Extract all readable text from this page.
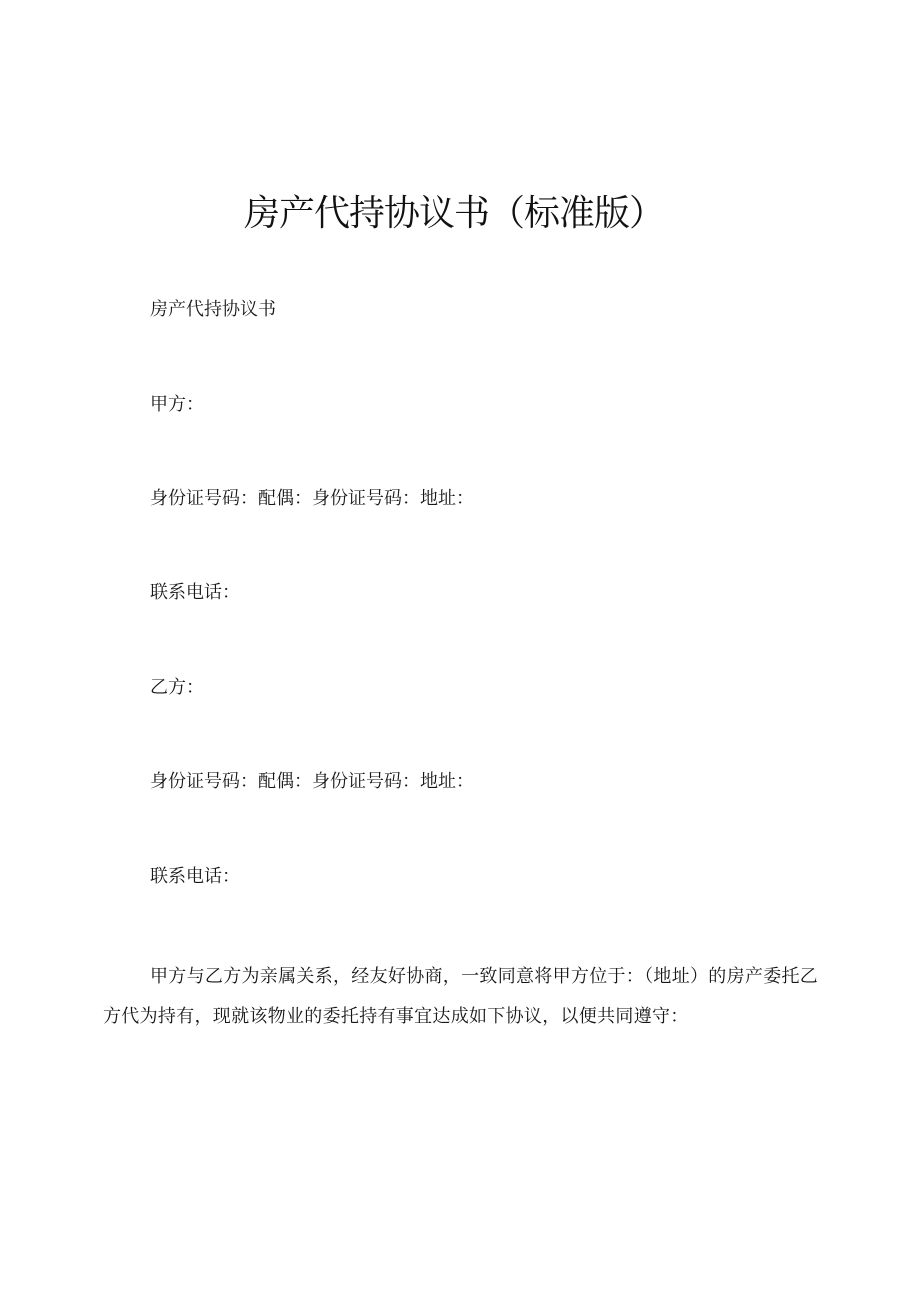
房产代持协议书（标准版）
房产代持协议书
甲方：
身份证号码：配偶：身份证号码：地址：
联系电话：
乙方：
身份证号码：配偶：身份证号码：地址：
联系电话：
甲方与乙方为亲属关系，经友好协商，一致同意将甲方位于：（地址）的房产委托乙方代为持有，现就该物业的委托持有事宜达成如下协议，以便共同遵守：
